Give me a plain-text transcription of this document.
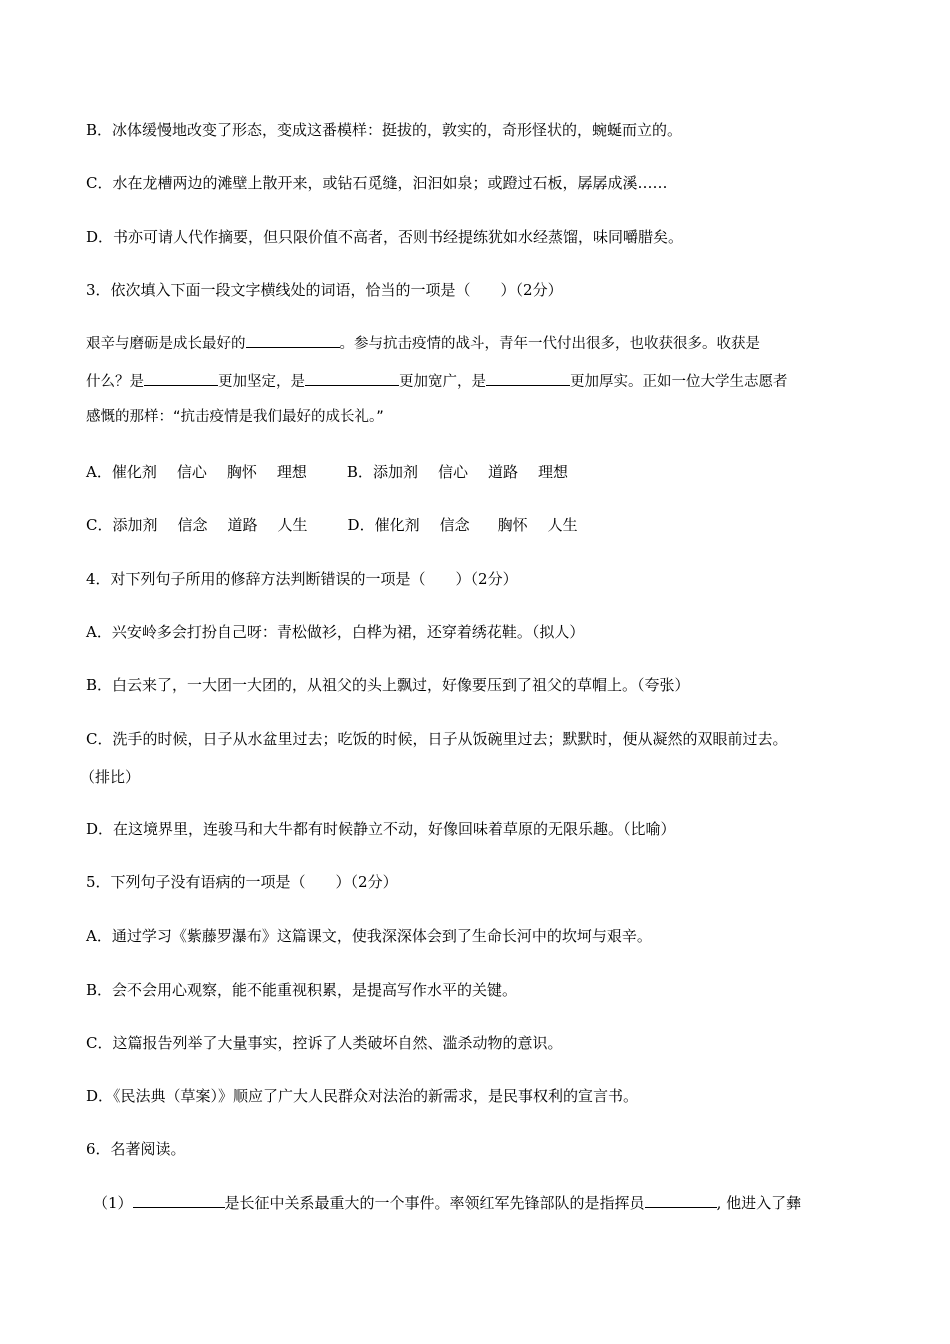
B．冰体缓慢地改变了形态，变成这番模样：挺拔的，敦实的，奇形怪状的，蜿蜒而立的。
C．水在龙槽两边的滩壁上散开来，或钻石觅缝，汩汩如泉；或蹬过石板，孱孱成溪……
D．书亦可请人代作摘要，但只限价值不高者，否则书经提练犹如水经蒸馏，味同嚼腊矣。
3．依次填入下面一段文字横线处的词语，恰当的一项是（　　）（2分）
艰辛与磨砺是成长最好的	。参与抗击疫情的战斗，青年一代付出很多，也收获很多。收获是
什么？是	更加坚定，是	更加宽广，是	更加厚实。正如一位大学生志愿者
感慨的那样：“抗击疫情是我们最好的成长礼。”
A．催化剂 信心 胸怀 理想	B．添加剂 信心 道路 理想
C．添加剂 信念 道路 人生	D．催化剂 信念 胸怀 人生
4．对下列句子所用的修辞方法判断错误的一项是（　　）（2分）
A．兴安岭多会打扮自己呀：青松做衫，白桦为裙，还穿着绣花鞋。（拟人）
B．白云来了，一大团一大团的，从祖父的头上飘过，好像要压到了祖父的草帽上。（夸张）
C．洗手的时候，日子从水盆里过去；吃饭的时候，日子从饭碗里过去；默默时，便从凝然的双眼前过去。
（排比）
D．在这境界里，连骏马和大牛都有时候静立不动，好像回味着草原的无限乐趣。（比喻）
5．下列句子没有语病的一项是（　　）（2分）
A．通过学习《紫藤罗瀑布》这篇课文，使我深深体会到了生命长河中的坎坷与艰辛。
B．会不会用心观察，能不能重视积累，是提高写作水平的关键。
C．这篇报告列举了大量事实，控诉了人类破坏自然、滥杀动物的意识。
D．《民法典（草案）》顺应了广大人民群众对法治的新需求，是民事权利的宣言书。
6．名著阅读。
（1）	是长征中关系最重大的一个事件。率领红军先锋部队的是指挥员	, 他进入了彝
